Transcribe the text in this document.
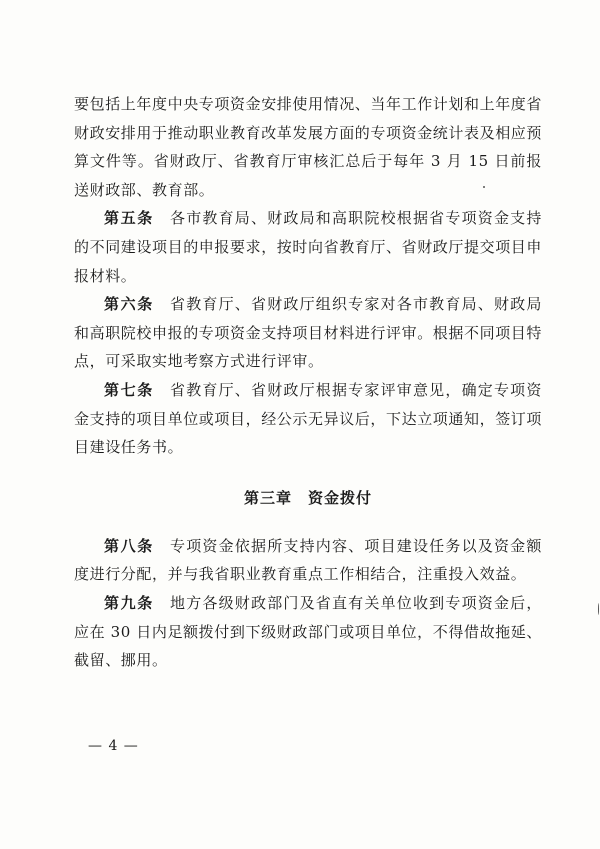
要包括上年度中央专项资金安排使用情况、当年工作计划和上年度省财政安排用于推动职业教育改革发展方面的专项资金统计表及相应预算文件等。省财政厅、省教育厅审核汇总后于每年 3 月 15 日前报送财政部、教育部。

第五条　 各市教育局、财政局和高职院校根据省专项资金支持的不同建设项目的申报要求，按时向省教育厅、省财政厅提交项目申报材料。

第六条　 省教育厅、省财政厅组织专家对各市教育局、财政局和高职院校申报的专项资金支持项目材料进行评审。根据不同项目特点，可采取实地考察方式进行评审。

第七条　 省教育厅、省财政厅根据专家评审意见，确定专项资金支持的项目单位或项目，经公示无异议后，下达立项通知，签订项目建设任务书。

第三章　资金拨付

第八条　 专项资金依据所支持内容、项目建设任务以及资金额度进行分配，并与我省职业教育重点工作相结合，注重投入效益。

第九条　 地方各级财政部门及省直有关单位收到专项资金后，应在 30 日内足额拨付到下级财政部门或项目单位，不得借故拖延、截留、挪用。

— 4 —
